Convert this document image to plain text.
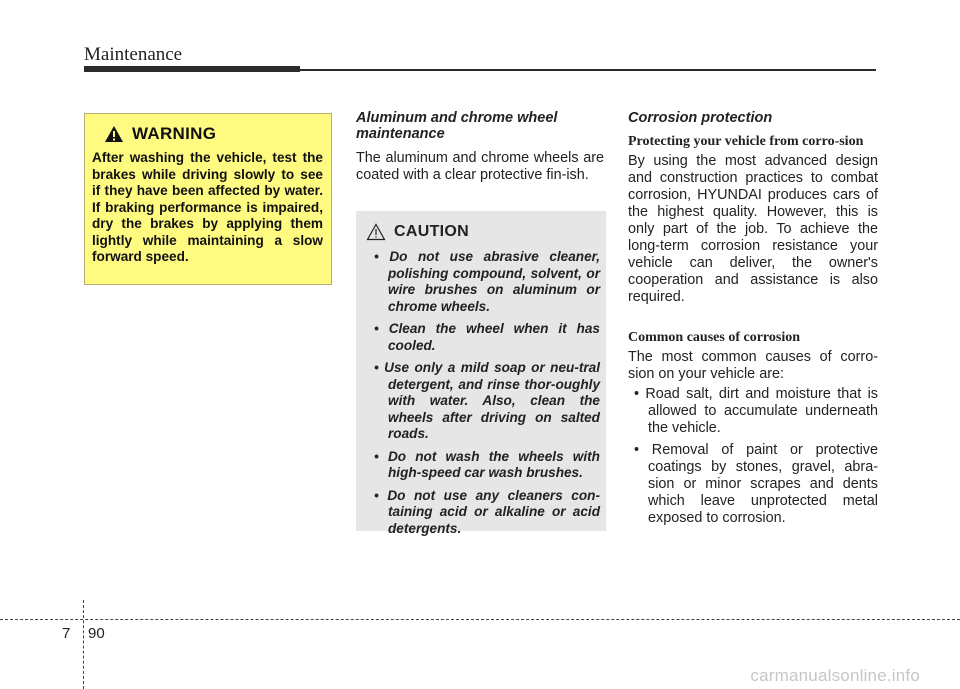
Maintenance
WARNING

After washing the vehicle, test the brakes while driving slowly to see if they have been affected by water. If braking performance is impaired, dry the brakes by applying them lightly while maintaining a slow forward speed.

Aluminum and chrome wheel maintenance

The aluminum and chrome wheels are coated with a clear protective fin-ish.

CAUTION
• Do not use abrasive cleaner, polishing compound, solvent, or wire brushes on aluminum or chrome wheels.
• Clean the wheel when it has cooled.
• Use only a mild soap or neu-tral detergent, and rinse thor-oughly with water. Also, clean the wheels after driving on salted roads.
• Do not wash the wheels with high-speed car wash brushes.
• Do not use any cleaners con-taining acid or alkaline or acid detergents.

Corrosion protection

Protecting your vehicle from corro-sion

By using the most advanced design and construction practices to combat corrosion, HYUNDAI produces cars of the highest quality. However, this is only part of the job. To achieve the long-term corrosion resistance your vehicle can deliver, the owner's cooperation and assistance is also required.

Common causes of corrosion

The most common causes of corro-sion on your vehicle are:

• Road salt, dirt and moisture that is allowed to accumulate underneath the vehicle.
• Removal of paint or protective coatings by stones, gravel, abra-sion or minor scrapes and dents which leave unprotected metal exposed to corrosion.
7 90
carmanualsonline.info
